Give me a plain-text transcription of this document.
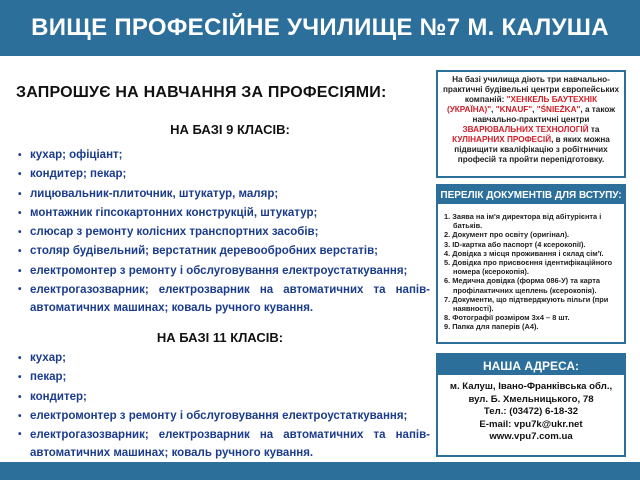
ВИЩЕ ПРОФЕСІЙНЕ УЧИЛИЩЕ №7 М. КАЛУША
ЗАПРОШУЄ НА НАВЧАННЯ ЗА ПРОФЕСІЯМИ:
НА БАЗІ 9 КЛАСІВ:
• кухар; офіціант;
• кондитер; пекар;
• лицювальник-плиточник, штукатур, маляр;
• монтажник гіпсокартонних конструкцій, штукатур;
• слюсар з ремонту колісних транспортних засобів;
• столяр будівельний; верстатник деревообробних верстатів;
• електромонтер з ремонту і обслуговування електроустаткування;
• електрогазозварник; електрозварник на автоматичних та напів-автоматичних машинах; коваль ручного кування.
НА БАЗІ 11 КЛАСІВ:
• кухар;
• пекар;
• кондитер;
• електромонтер з ремонту і обслуговування електроустаткування;
• електрогазозварник; електрозварник на автоматичних та напів-автоматичних машинах; коваль ручного кування.
На базі училища діють три навчально-практичні будівельні центри європейських компаній: "ХЕНКЕЛЬ БАУТЕХНІК (УКРАЇНА)", "KNAUF", "ŚNIEŻKA", а також навчально-практичні центри ЗВАРЮВАЛЬНИХ ТЕХНОЛОГІЙ та КУЛІНАРНИХ ПРОФЕСІЙ, в яких можна підвищити кваліфікацію з робітничих професій та пройти перепідготовку.
ПЕРЕЛІК ДОКУМЕНТІВ ДЛЯ ВСТУПУ:
1. Заява на ім'я директора від абітурієнта і батьків.
2. Документ про освіту (оригінал).
3. ID-картка або паспорт (4 ксерокопії).
4. Довідка з місця проживання і склад сім'ї.
5. Довідка про присвоєння ідентифікаційного номера (ксерокопія).
6. Медична довідка (форма 086-У) та карта профілактичних щеплень (ксерокопія).
7. Документи, що підтверджують пільги (при наявності).
8. Фотографії розміром 3х4 – 8 шт.
9. Папка для паперів (А4).
НАША АДРЕСА:
м. Калуш, Івано-Франківська обл.,
вул. Б. Хмельницького, 78
Тел.: (03472) 6-18-32
E-mail: vpu7k@ukr.net
www.vpu7.com.ua
